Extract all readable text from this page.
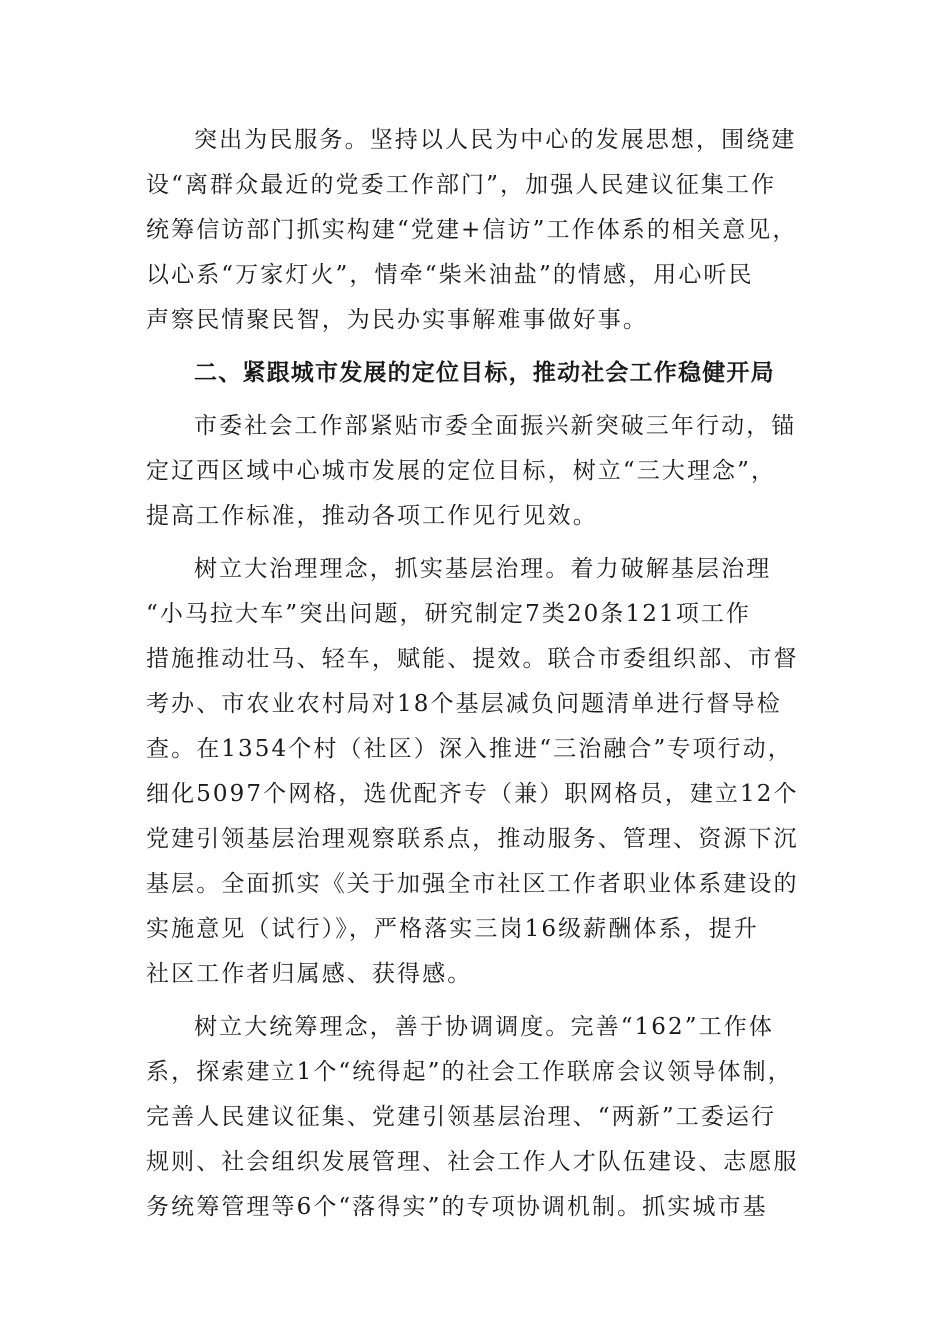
突出为民服务。坚持以人民为中心的发展思想，围绕建
设“离群众最近的党委工作部门”，加强人民建议征集工作
统筹信访部门抓实构建“党建+信访”工作体系的相关意见，
以心系“万家灯火”，情牵“柴米油盐”的情感，用心听民
声察民情聚民智，为民办实事解难事做好事。
二、紧跟城市发展的定位目标，推动社会工作稳健开局
市委社会工作部紧贴市委全面振兴新突破三年行动，锚
定辽西区域中心城市发展的定位目标，树立“三大理念”，
提高工作标准，推动各项工作见行见效。
树立大治理理念，抓实基层治理。着力破解基层治理
“小马拉大车”突出问题，研究制定7类20条121项工作
措施推动壮马、轻车，赋能、提效。联合市委组织部、市督
考办、市农业农村局对18个基层减负问题清单进行督导检
查。在1354个村（社区）深入推进“三治融合”专项行动，
细化5097个网格，选优配齐专（兼）职网格员，建立12个
党建引领基层治理观察联系点，推动服务、管理、资源下沉
基层。全面抓实《关于加强全市社区工作者职业体系建设的
实施意见（试行）》，严格落实三岗16级薪酬体系，提升
社区工作者归属感、获得感。
树立大统筹理念，善于协调调度。完善“162”工作体
系，探索建立1个“统得起”的社会工作联席会议领导体制，
完善人民建议征集、党建引领基层治理、“两新”工委运行
规则、社会组织发展管理、社会工作人才队伍建设、志愿服
务统筹管理等6个“落得实”的专项协调机制。抓实城市基
